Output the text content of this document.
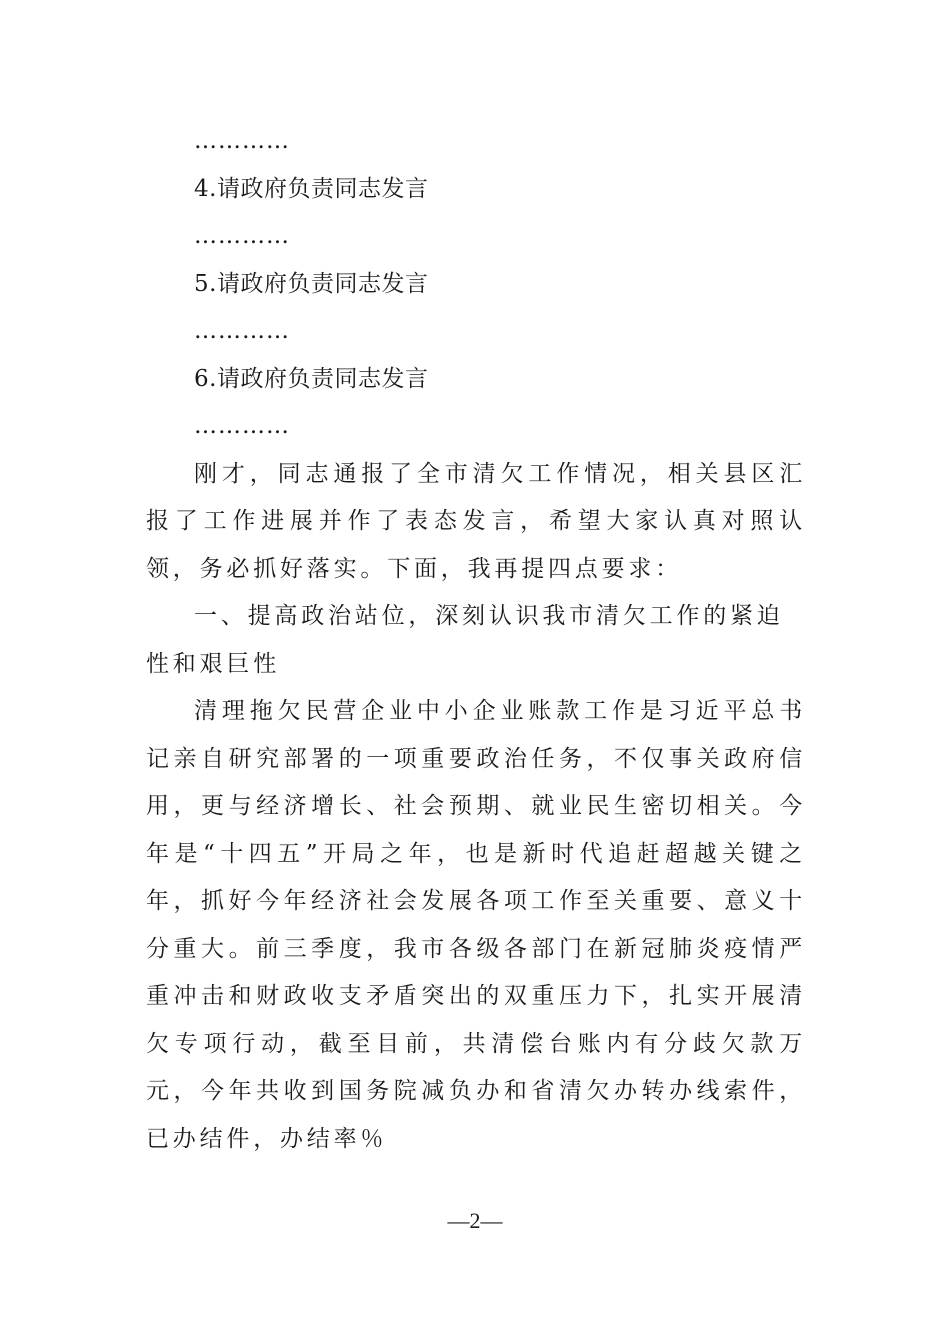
…………
4.请政府负责同志发言
…………
5.请政府负责同志发言
…………
6.请政府负责同志发言
…………

刚才，同志通报了全市清欠工作情况，相关县区汇报了工作进展并作了表态发言，希望大家认真对照认领，务必抓好落实。下面，我再提四点要求：

一、提高政治站位，深刻认识我市清欠工作的紧迫性和艰巨性

清理拖欠民营企业中小企业账款工作是习近平总书记亲自研究部署的一项重要政治任务，不仅事关政府信用，更与经济增长、社会预期、就业民生密切相关。今年是“十四五”开局之年，也是新时代追赶超越关键之年，抓好今年经济社会发展各项工作至关重要、意义十分重大。前三季度，我市各级各部门在新冠肺炎疫情严重冲击和财政收支矛盾突出的双重压力下，扎实开展清欠专项行动，截至目前，共清偿台账内有分歧欠款万元，今年共收到国务院减负办和省清欠办转办线索件，已办结件，办结率％

—2—
